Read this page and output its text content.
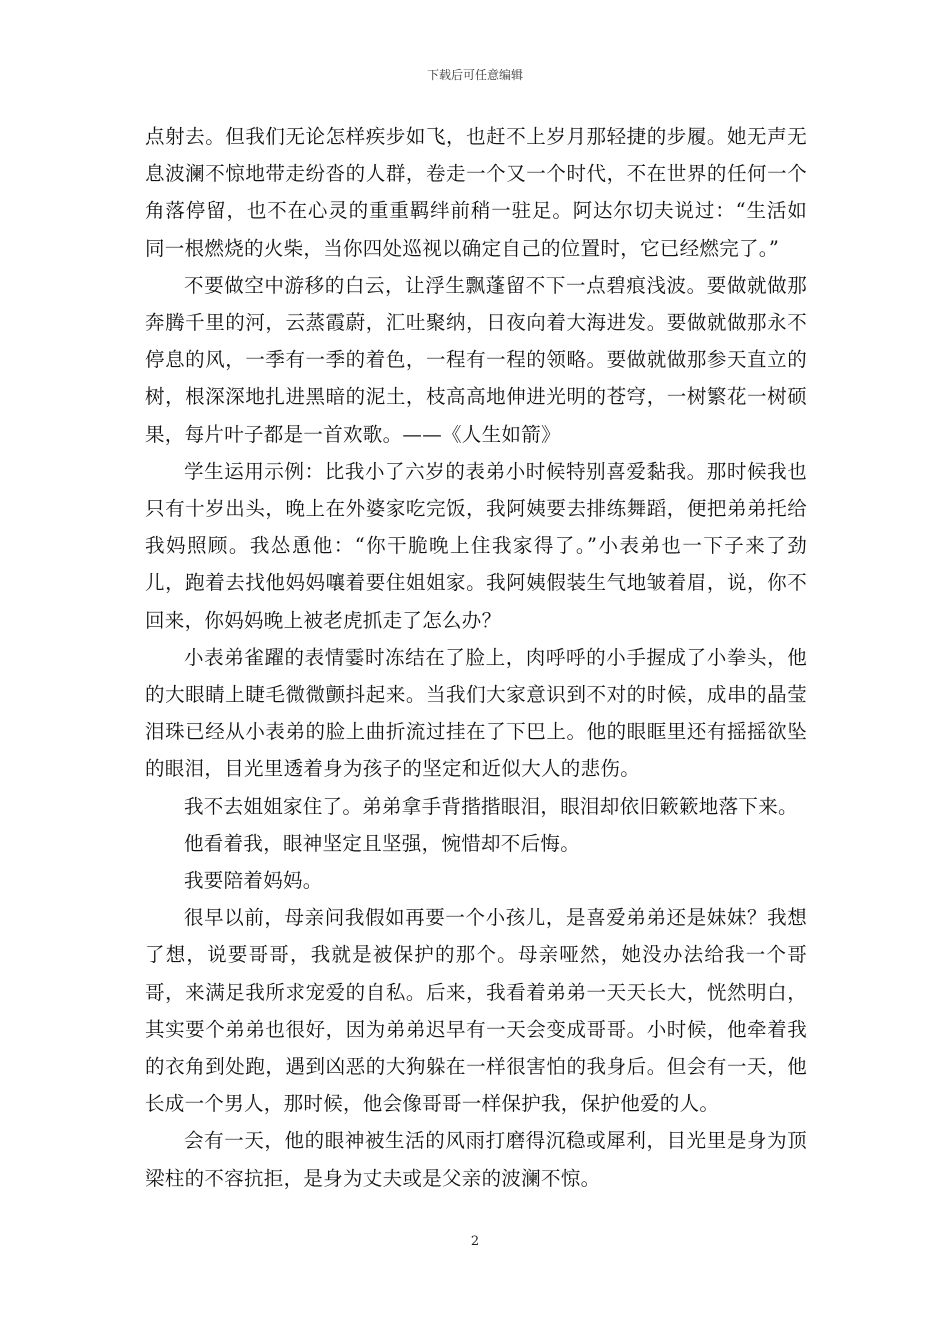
下载后可任意编辑

点射去。但我们无论怎样疾步如飞，也赶不上岁月那轻捷的步履。她无声无息波澜不惊地带走纷沓的人群，卷走一个又一个时代，不在世界的任何一个角落停留，也不在心灵的重重羁绊前稍一驻足。阿达尔切夫说过：“生活如同一根燃烧的火柴，当你四处巡视以确定自己的位置时，它已经燃完了。”

不要做空中游移的白云，让浮生飘蓬留不下一点碧痕浅波。要做就做那奔腾千里的河，云蒸霞蔚，汇吐聚纳，日夜向着大海进发。要做就做那永不停息的风，一季有一季的着色，一程有一程的领略。要做就做那参天直立的树，根深深地扎进黑暗的泥土，枝高高地伸进光明的苍穹，一树繁花一树硕果，每片叶子都是一首欢歌。——《人生如箭》

学生运用示例：比我小了六岁的表弟小时候特别喜爱黏我。那时候我也只有十岁出头，晚上在外婆家吃完饭，我阿姨要去排练舞蹈，便把弟弟托给我妈照顾。我怂恿他：“你干脆晚上住我家得了。”小表弟也一下子来了劲儿，跑着去找他妈妈嚷着要住姐姐家。我阿姨假装生气地皱着眉，说，你不回来，你妈妈晚上被老虎抓走了怎么办？

小表弟雀躍的表情霎时冻结在了脸上，肉呼呼的小手握成了小拳头，他的大眼睛上睫毛微微颤抖起来。当我们大家意识到不对的时候，成串的晶莹泪珠已经从小表弟的脸上曲折流过挂在了下巴上。他的眼眶里还有摇摇欲坠的眼泪，目光里透着身为孩子的坚定和近似大人的悲伤。

我不去姐姐家住了。弟弟拿手背揩揩眼泪，眼泪却依旧簌簌地落下来。

他看着我，眼神坚定且坚强，惋惜却不后悔。

我要陪着妈妈。

很早以前，母亲问我假如再要一个小孩儿，是喜爱弟弟还是妹妹？我想了想，说要哥哥，我就是被保护的那个。母亲哑然，她没办法给我一个哥哥，来满足我所求宠爱的自私。后来，我看着弟弟一天天长大，恍然明白，其实要个弟弟也很好，因为弟弟迟早有一天会变成哥哥。小时候，他牵着我的衣角到处跑，遇到凶恶的大狗躲在一样很害怕的我身后。但会有一天，他长成一个男人，那时候，他会像哥哥一样保护我，保护他爱的人。

会有一天，他的眼神被生活的风雨打磨得沉稳或犀利，目光里是身为顶梁柱的不容抗拒，是身为丈夫或是父亲的波澜不惊。

2
